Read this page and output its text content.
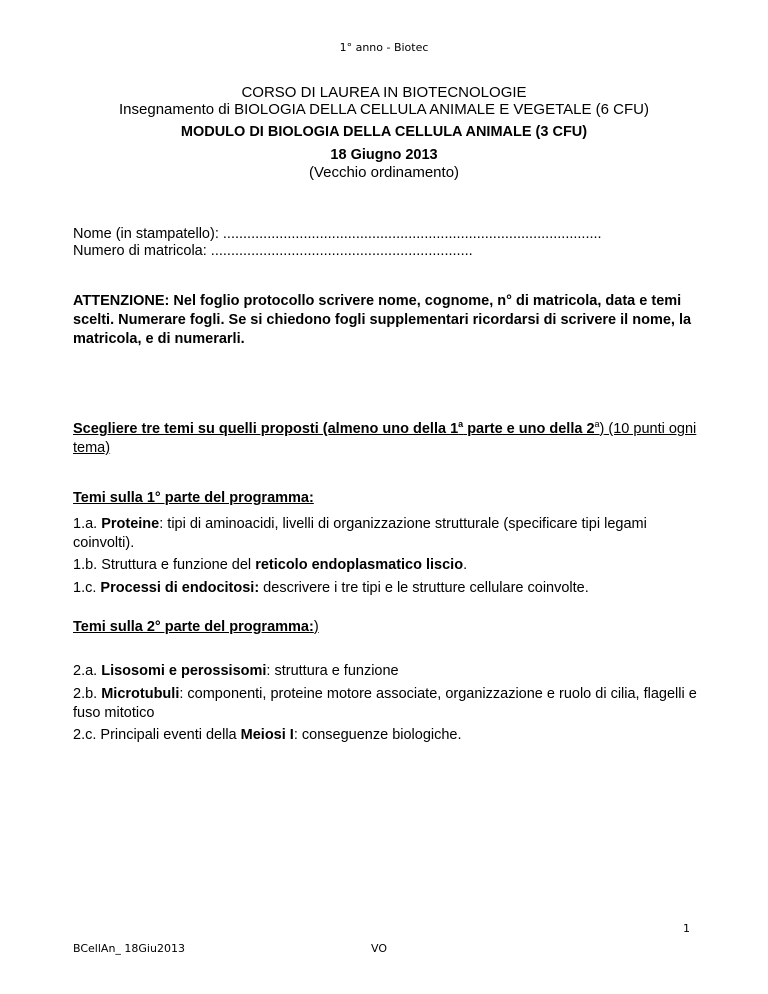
1° anno - Biotec
CORSO DI LAUREA IN BIOTECNOLOGIE
Insegnamento di BIOLOGIA DELLA CELLULA ANIMALE E VEGETALE (6 CFU)
MODULO DI BIOLOGIA DELLA CELLULA ANIMALE (3 CFU)
18 Giugno 2013
(Vecchio ordinamento)
Nome (in stampatello): ..............................................................................................
Numero di matricola: .................................................................
ATTENZIONE: Nel foglio protocollo scrivere nome, cognome, n° di matricola, data e temi scelti. Numerare fogli. Se si chiedono fogli supplementari ricordarsi di scrivere il nome, la matricola, e di numerarli.
Scegliere tre temi su quelli proposti (almeno uno della 1$^a$ parte e uno della 2$^a$) (10 punti ogni tema)
Temi sulla 1° parte del programma:
1.a. Proteine: tipi di aminoacidi, livelli di organizzazione strutturale (specificare tipi legami coinvolti).
1.b. Struttura e funzione del reticolo endoplasmatico liscio.
1.c. Processi di endocitosi: descrivere i tre tipi e le strutture cellulare coinvolte.
Temi sulla 2° parte del programma:)
2.a. Lisosomi e perossisomi: struttura e funzione
2.b. Microtubuli: componenti, proteine motore associate, organizzazione e ruolo di cilia, flagelli e fuso mitotico
2.c. Principali eventi della Meiosi I: conseguenze biologiche.
1
BCellAn_ 18Giu2013	VO
